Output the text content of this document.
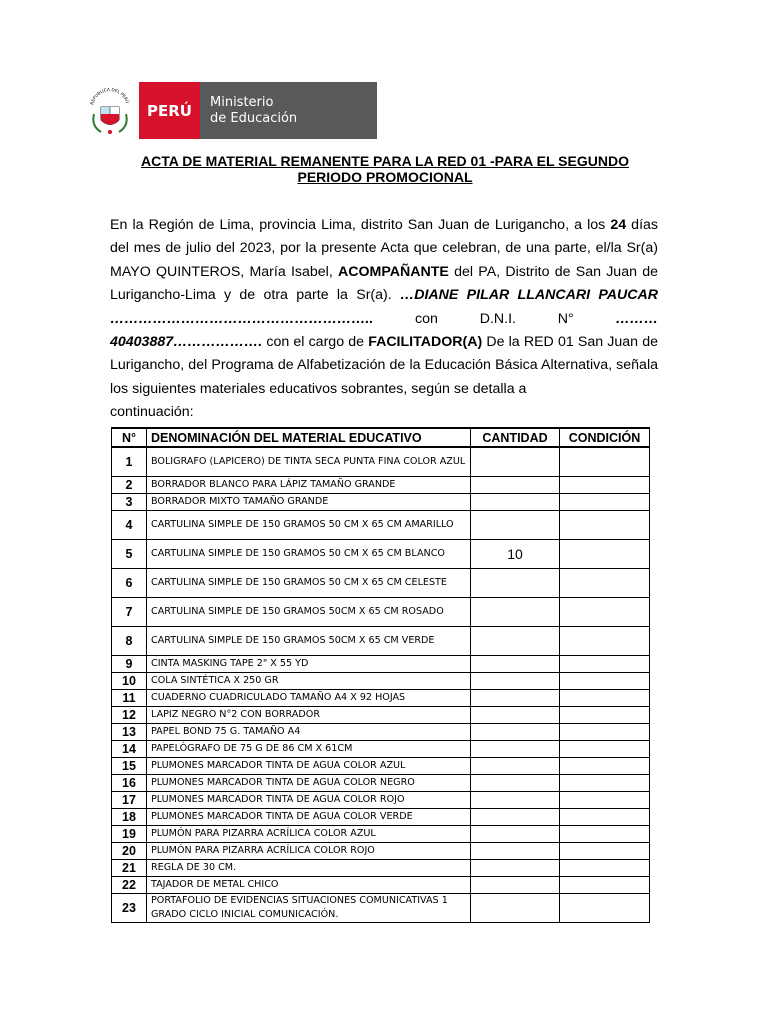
REPÚBLICA DEL PERÚ
PERÚ	Ministerio
de Educación
ACTA DE MATERIAL REMANENTE PARA LA RED 01 -PARA EL SEGUNDO
PERIODO PROMOCIONAL
En la Región de Lima, provincia Lima, distrito San Juan de Lurigancho, a los 24 días del mes de julio del 2023, por la presente Acta que celebran, de una parte, el/la Sr(a) MAYO QUINTEROS, María Isabel, ACOMPAÑANTE del PA, Distrito de San Juan de Lurigancho-Lima y de otra parte la Sr(a). …DIANE PILAR LLANCARI PAUCAR ……………………………………………….. con D.N.I. N° ……… 40403887………………. con el cargo de FACILITADOR(A) De la RED 01 San Juan de Lurigancho, del Programa de Alfabetización de la Educación Básica Alternativa, señala los siguientes materiales educativos sobrantes, según se detalla a
continuación:
N°	DENOMINACIÓN DEL MATERIAL EDUCATIVO	CANTIDAD	CONDICIÓN
1	BOLIGRAFO (LAPICERO) DE TINTA SECA PUNTA FINA COLOR AZUL		
2	BORRADOR BLANCO PARA LÁPIZ TAMAÑO GRANDE		
3	BORRADOR MIXTO TAMAÑO GRANDE		
4	CARTULINA SIMPLE DE 150 GRAMOS 50 CM X 65 CM AMARILLO		
5	CARTULINA SIMPLE DE 150 GRAMOS 50 CM X 65 CM BLANCO	10	
6	CARTULINA SIMPLE DE 150 GRAMOS 50 CM X 65 CM CELESTE		
7	CARTULINA SIMPLE DE 150 GRAMOS 50CM X 65 CM ROSADO		
8	CARTULINA SIMPLE DE 150 GRAMOS 50CM X 65 CM VERDE		
9	CINTA MASKING TAPE 2" X 55 YD		
10	COLA SINTÉTICA X 250 GR		
11	CUADERNO CUADRICULADO TAMAÑO A4 X 92 HOJAS		
12	LAPIZ NEGRO N°2 CON BORRADOR		
13	PAPEL BOND 75 G. TAMAÑO A4		
14	PAPELÓGRAFO DE 75 G DE 86 CM X 61CM		
15	PLUMONES MARCADOR TINTA DE AGUA COLOR AZUL		
16	PLUMONES MARCADOR TINTA DE AGUA COLOR NEGRO		
17	PLUMONES MARCADOR TINTA DE AGUA COLOR ROJO		
18	PLUMONES MARCADOR TINTA DE AGUA COLOR VERDE		
19	PLUMÓN PARA PIZARRA ACRÍLICA COLOR AZUL		
20	PLUMÓN PARA PIZARRA ACRÍLICA COLOR ROJO		
21	REGLA DE 30 CM.		
22	TAJADOR DE METAL CHICO		
23	PORTAFOLIO DE EVIDENCIAS SITUACIONES COMUNICATIVAS 1 GRADO CICLO INICIAL COMUNICACIÓN.		
